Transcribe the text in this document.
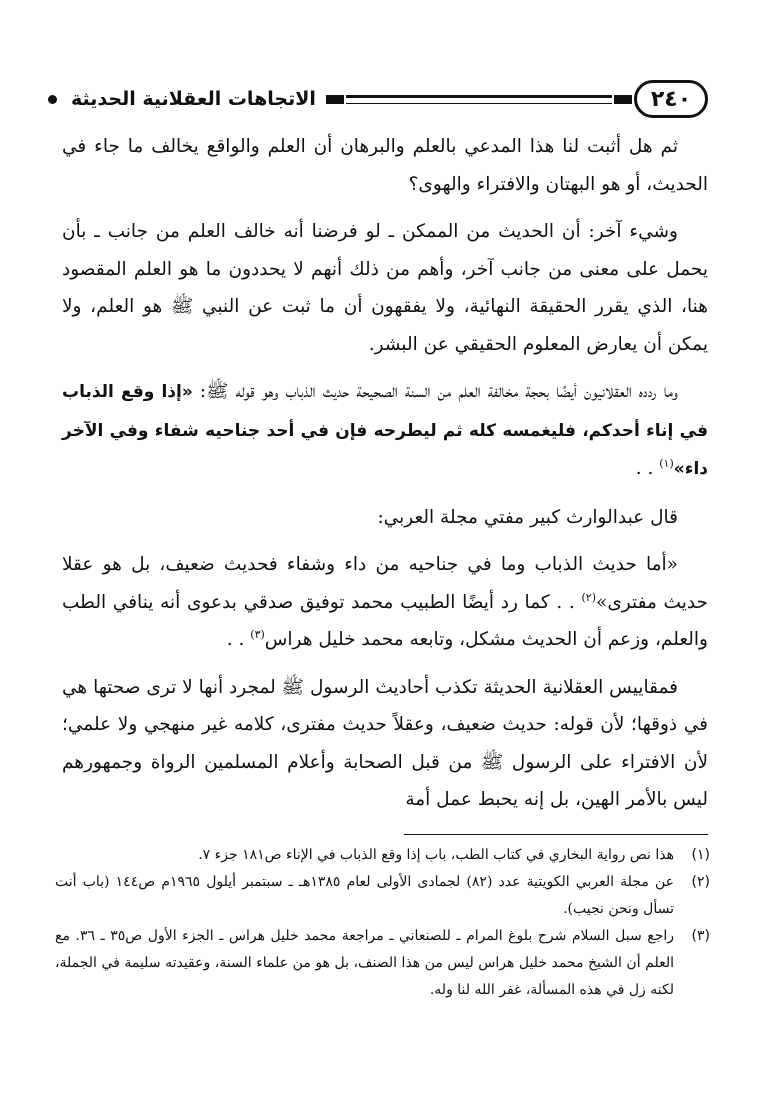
٢٤٠
الاتجاهات العقلانية الحديثة

ثم هل أثبت لنا هذا المدعي بالعلم والبرهان أن العلم والواقع يخالف ما جاء في الحديث، أو هو البهتان والافتراء والهوى؟

وشيء آخر: أن الحديث من الممكن ـ لو فرضنا أنه خالف العلم من جانب ـ بأن يحمل على معنى من جانب آخر، وأهم من ذلك أنهم لا يحددون ما هو العلم المقصود هنا، الذي يقرر الحقيقة النهائية، ولا يفقهون أن ما ثبت عن النبي ﷺ هو العلم، ولا يمكن أن يعارض المعلوم الحقيقي عن البشر.

وما ردده العقلانيون أيضًا بحجة مخالفة العلم من السنة الصحيحة حديث الذباب وهو قوله ﷺ: «إذا وقع الذباب في إناء أحدكم، فليغمسه كله ثم ليطرحه فإن في أحد جناحيه شفاء وفي الآخر داء»$^{(١)}$ . .

قال عبدالوارث كبير مفتي مجلة العربي:

«أما حديث الذباب وما في جناحيه من داء وشفاء فحديث ضعيف، بل هو عقلا حديث مفترى»$^{(٢)}$ . . كما رد أيضًا الطبيب محمد توفيق صدقي بدعوى أنه ينافي الطب والعلم، وزعم أن الحديث مشكل، وتابعه محمد خليل هراس$^{(٣)}$ . .

فمقاييس العقلانية الحديثة تكذب أحاديث الرسول ﷺ لمجرد أنها لا ترى صحتها هي في ذوقها؛ لأن قوله: حديث ضعيف، وعقلاً حديث مفترى، كلامه غير منهجي ولا علمي؛ لأن الافتراء على الرسول ﷺ من قبل الصحابة وأعلام المسلمين الرواة وجمهورهم ليس بالأمر الهين، بل إنه يحبط عمل أمة

(١)
هذا نص رواية البخاري في كتاب الطب، باب إذا وقع الذباب في الإناء ص١٨١ جزء ٧.
(٢)
عن مجلة العربي الكويتية عدد (٨٢) لجمادى الأولى لعام ١٣٨٥هـ ـ سبتمبر أيلول ١٩٦٥م ص١٤٤ (باب أنت تسأل ونحن نجيب).
(٣)
راجع سبل السلام شرح بلوغ المرام ـ للصنعاني ـ مراجعة محمد خليل هراس ـ الجزء الأول ص٣٥ ـ ٣٦. مع العلم أن الشيخ محمد خليل هراس ليس من هذا الصنف، بل هو من علماء السنة، وعقيدته سليمة في الجملة، لكنه زل في هذه المسألة، غفر الله لنا وله.
